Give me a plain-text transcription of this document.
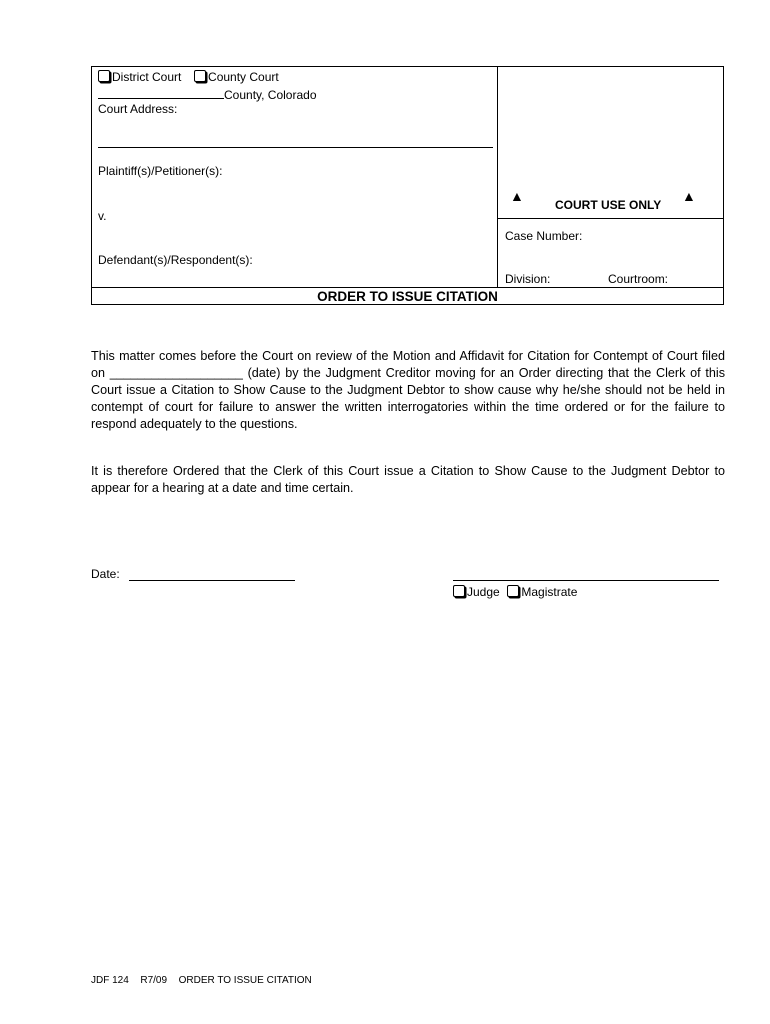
District Court County Court
County, Colorado
Court Address:
Plaintiff(s)/Petitioner(s):
v.
Defendant(s)/Respondent(s):
▲
COURT USE ONLY
▲
Case Number:
Division:	Courtroom:
ORDER TO ISSUE CITATION
This matter comes before the Court on review of the Motion and Affidavit for Citation for Contempt of Court filed on ___________________ (date) by the Judgment Creditor moving for an Order directing that the Clerk of this Court issue a Citation to Show Cause to the Judgment Debtor to show cause why he/she should not be held in contempt of court for failure to answer the written interrogatories within the time ordered or for the failure to respond adequately to the questions.
It is therefore Ordered that the Clerk of this Court issue a Citation to Show Cause to the Judgment Debtor to appear for a hearing at a date and time certain.
Date:
Judge Magistrate
JDF 124 R7/09 ORDER TO ISSUE CITATION
